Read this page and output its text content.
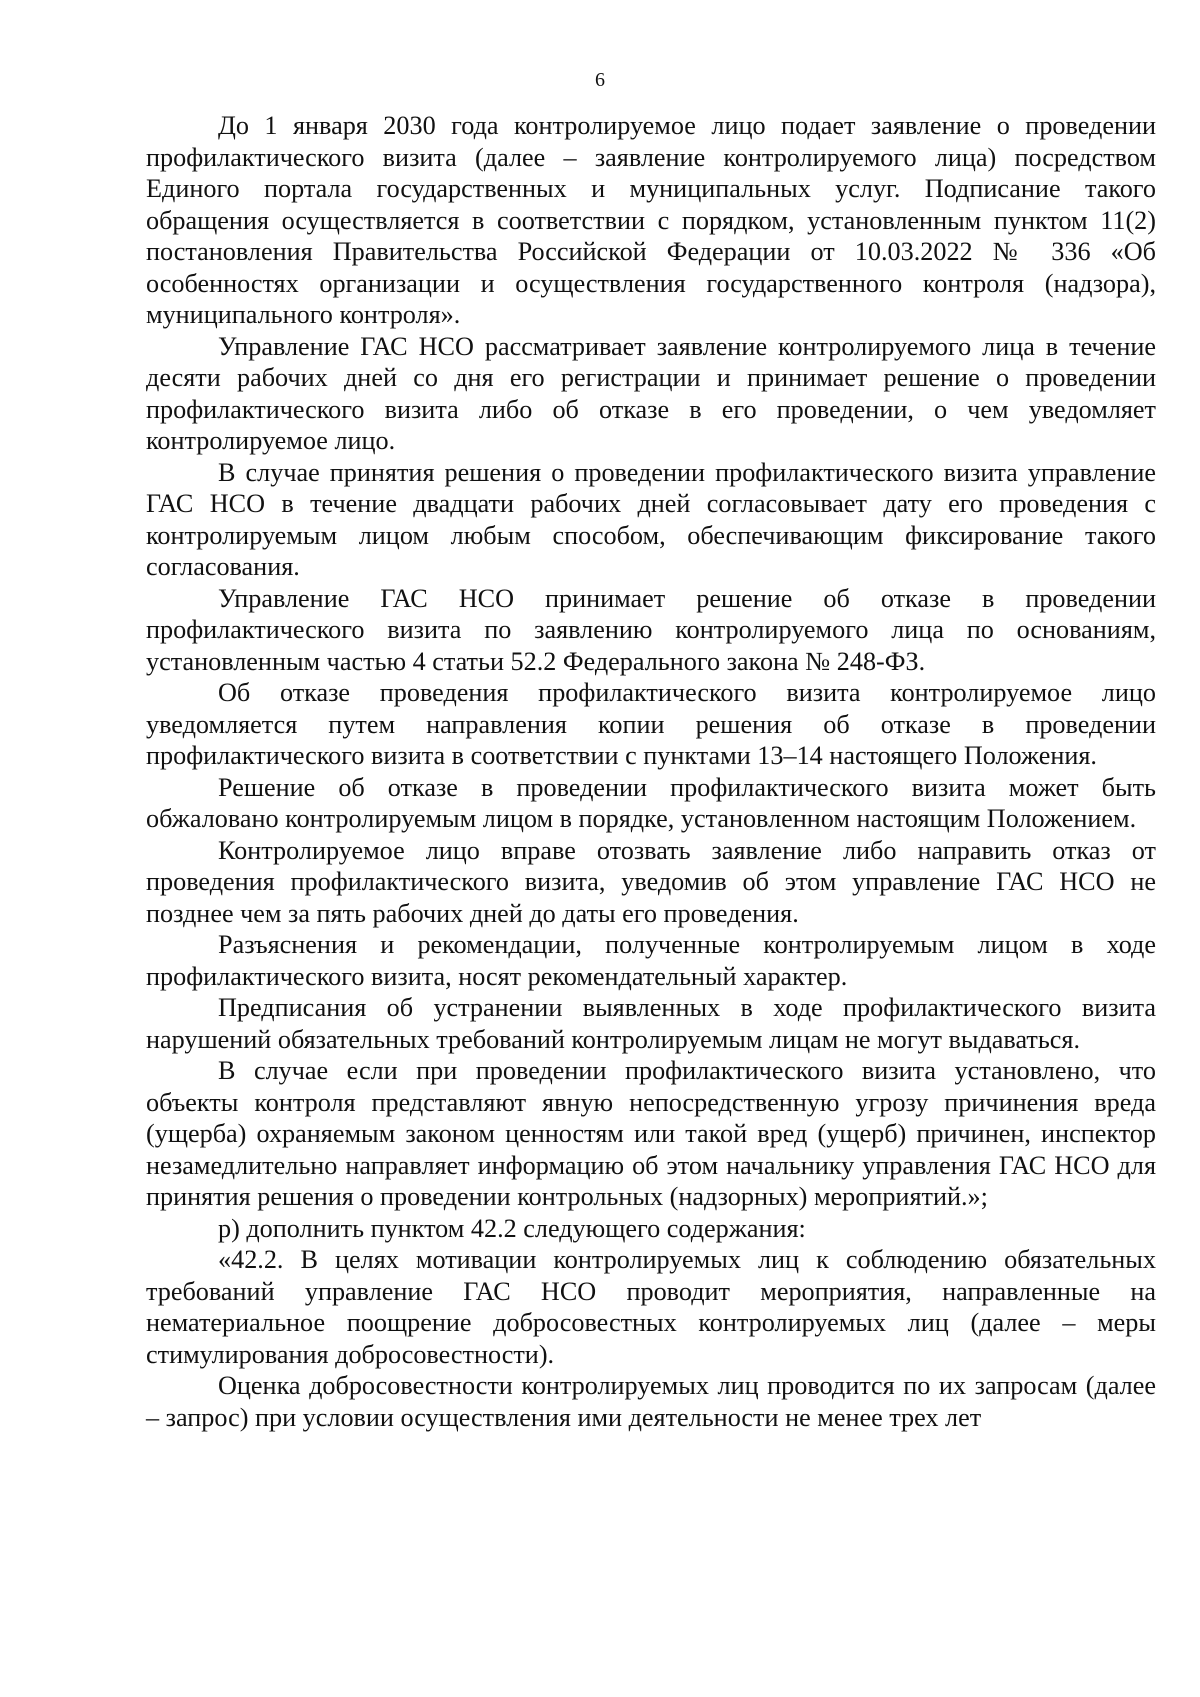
6

До 1 января 2030 года контролируемое лицо подает заявление о проведении профилактического визита (далее – заявление контролируемого лица) посредством Единого портала государственных и муниципальных услуг. Подписание такого обращения осуществляется в соответствии с порядком, установленным пунктом 11(2) постановления Правительства Российской Федерации от 10.03.2022 № 336 «Об особенностях организации и осуществления государственного контроля (надзора), муниципального контроля».

Управление ГАС НСО рассматривает заявление контролируемого лица в течение десяти рабочих дней со дня его регистрации и принимает решение о проведении профилактического визита либо об отказе в его проведении, о чем уведомляет контролируемое лицо.

В случае принятия решения о проведении профилактического визита управление ГАС НСО в течение двадцати рабочих дней согласовывает дату его проведения с контролируемым лицом любым способом, обеспечивающим фиксирование такого согласования.

Управление ГАС НСО принимает решение об отказе в проведении профилактического визита по заявлению контролируемого лица по основаниям, установленным частью 4 статьи 52.2 Федерального закона № 248-ФЗ.

Об отказе проведения профилактического визита контролируемое лицо уведомляется путем направления копии решения об отказе в проведении профилактического визита в соответствии с пунктами 13–14 настоящего Положения.

Решение об отказе в проведении профилактического визита может быть обжаловано контролируемым лицом в порядке, установленном настоящим Положением.

Контролируемое лицо вправе отозвать заявление либо направить отказ от проведения профилактического визита, уведомив об этом управление ГАС НСО не позднее чем за пять рабочих дней до даты его проведения.

Разъяснения и рекомендации, полученные контролируемым лицом в ходе профилактического визита, носят рекомендательный характер.

Предписания об устранении выявленных в ходе профилактического визита нарушений обязательных требований контролируемым лицам не могут выдаваться.

В случае если при проведении профилактического визита установлено, что объекты контроля представляют явную непосредственную угрозу причинения вреда (ущерба) охраняемым законом ценностям или такой вред (ущерб) причинен, инспектор незамедлительно направляет информацию об этом начальнику управления ГАС НСО для принятия решения о проведении контрольных (надзорных) мероприятий.»;

р) дополнить пунктом 42.2 следующего содержания:

«42.2. В целях мотивации контролируемых лиц к соблюдению обязательных требований управление ГАС НСО проводит мероприятия, направленные на нематериальное поощрение добросовестных контролируемых лиц (далее – меры стимулирования добросовестности).

Оценка добросовестности контролируемых лиц проводится по их запросам (далее – запрос) при условии осуществления ими деятельности не менее трех лет
